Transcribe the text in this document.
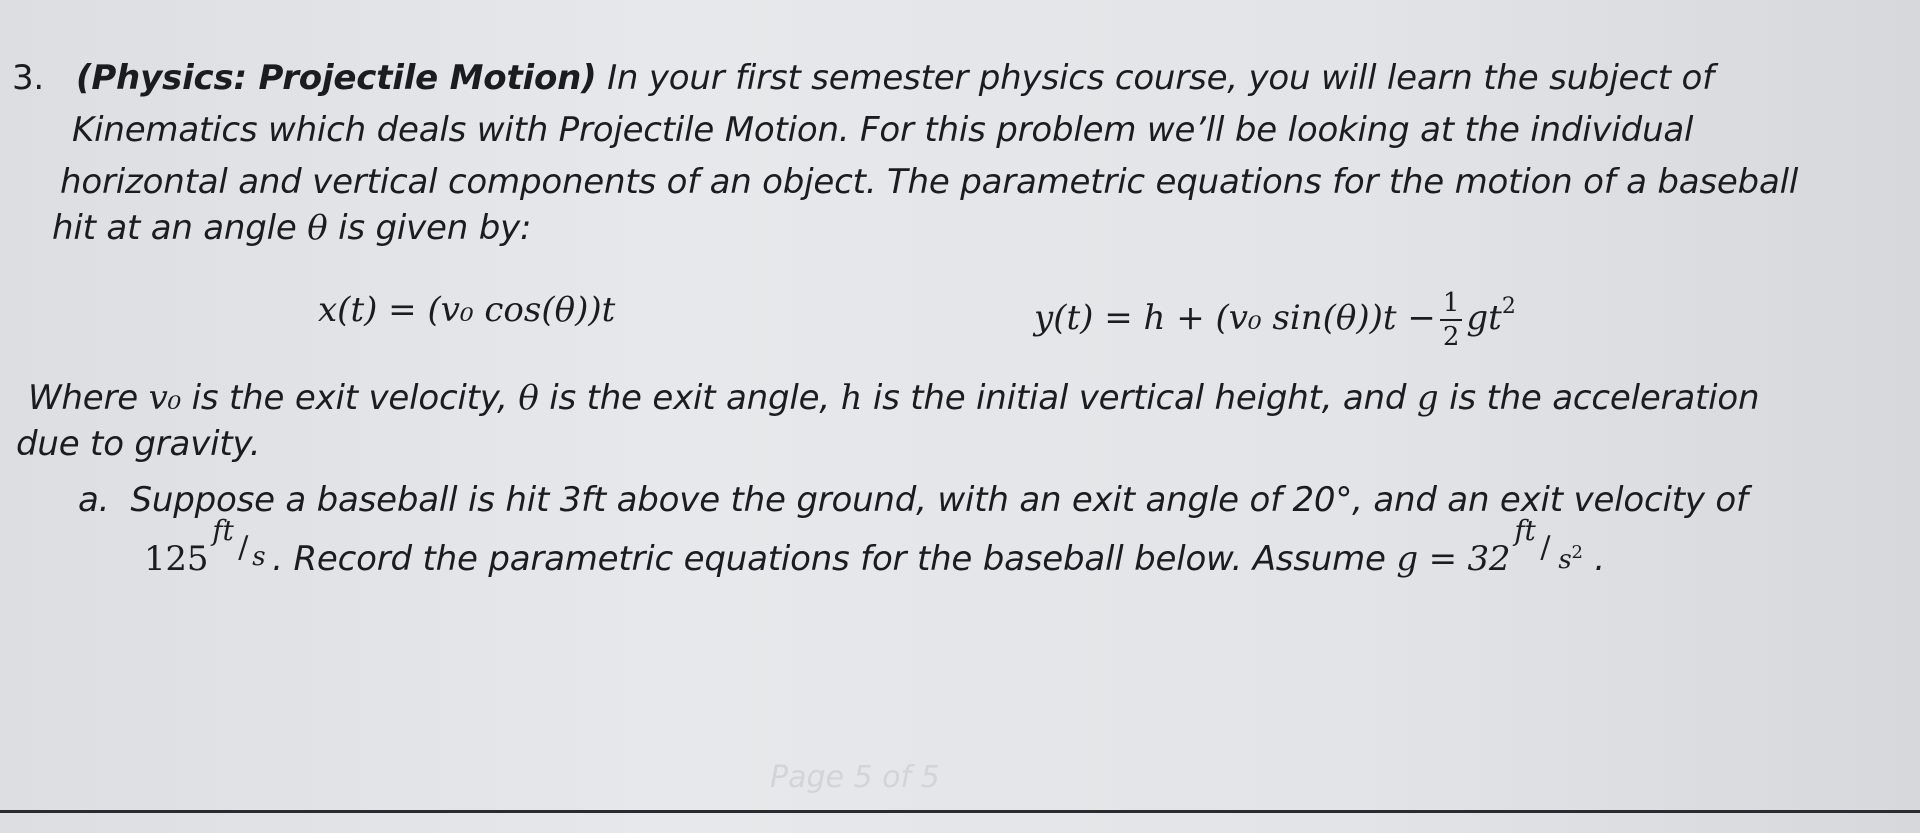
3. (Physics: Projectile Motion) In your first semester physics course, you will learn the subject of
Kinematics which deals with Projectile Motion. For this problem we’ll be looking at the individual
horizontal and vertical components of an object. The parametric equations for the motion of a baseball
hit at an angle θ is given by:
x(t) = (v₀ cos(θ))t	y(t) = h + (v₀ $\sin(\theta))t - \frac{1}{2} gt^2$
Where v₀ is the exit velocity, θ is the exit angle, h is the initial vertical height, and g is the acceleration
due to gravity.
a. Suppose a baseball is hit 3ft above the ground, with an exit angle of 20°, and an exit velocity of
125
ft / s . Record the parametric equations for the baseball below. Assume g = 32
ft / $s^2$ .
Page 5 of 5
